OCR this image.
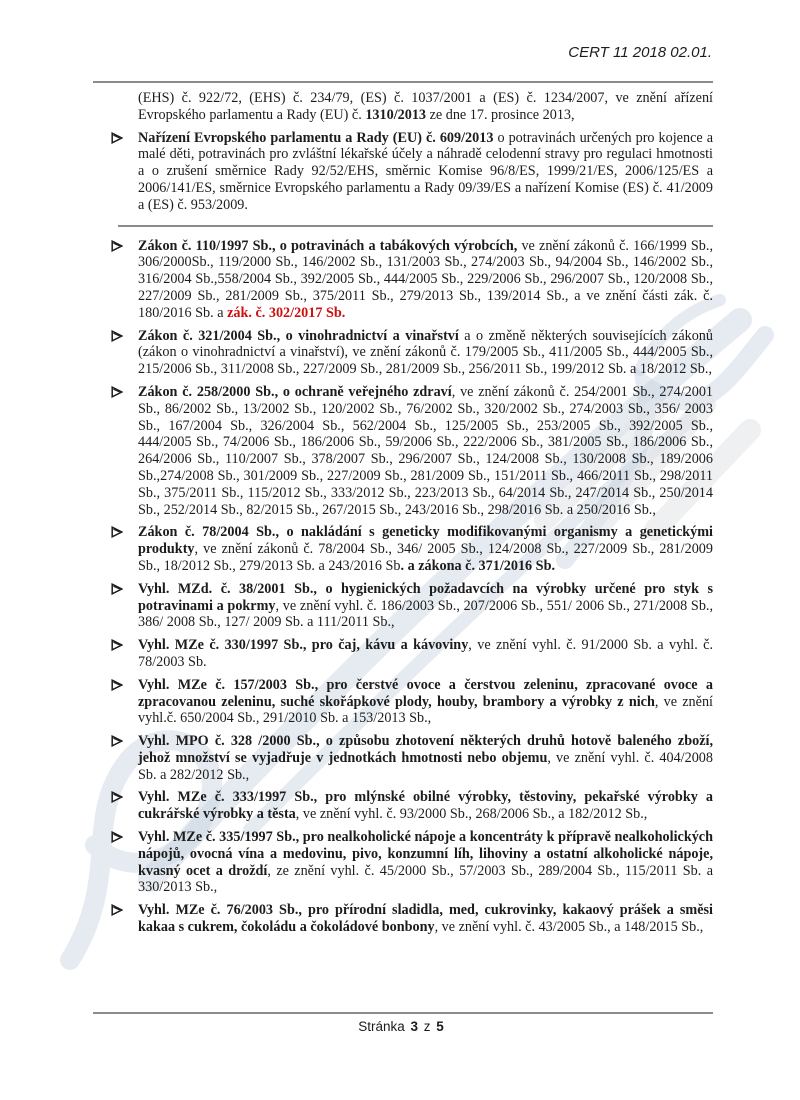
CERT 11 2018 02.01.
(EHS) č. 922/72, (EHS) č. 234/79, (ES) č. 1037/2001 a (ES) č. 1234/2007, ve znění ařízení Evropského parlamentu a Rady (EU) č. 1310/2013 ze dne 17. prosince 2013,
Nařízení Evropského parlamentu a Rady (EU) č. 609/2013 o potravinách určených pro kojence a malé děti, potravinách pro zvláštní lékařské účely a náhradě celodenní stravy pro regulaci hmotnosti a o zrušení směrnice Rady 92/52/EHS, směrnic Komise 96/8/ES, 1999/21/ES, 2006/125/ES a 2006/141/ES, směrnice Evropského parlamentu a Rady 09/39/ES a nařízení Komise (ES) č. 41/2009 a (ES) č. 953/2009.
Zákon č. 110/1997 Sb., o potravinách a tabákových výrobcích, ve znění zákonů č. 166/1999 Sb., 306/2000Sb., 119/2000 Sb., 146/2002 Sb., 131/2003 Sb., 274/2003 Sb., 94/2004 Sb., 146/2002 Sb., 316/2004 Sb.,558/2004 Sb., 392/2005 Sb., 444/2005 Sb., 229/2006 Sb., 296/2007 Sb., 120/2008 Sb., 227/2009 Sb., 281/2009 Sb., 375/2011 Sb., 279/2013 Sb., 139/2014 Sb., a ve znění části zák. č. 180/2016 Sb. a zák. č. 302/2017 Sb.
Zákon č. 321/2004 Sb., o vinohradnictví a vinařství a o změně některých souvisejících zákonů (zákon o vinohradnictví a vinařství), ve znění zákonů č. 179/2005 Sb., 411/2005 Sb., 444/2005 Sb., 215/2006 Sb., 311/2008 Sb., 227/2009 Sb., 281/2009 Sb., 256/2011 Sb., 199/2012 Sb. a 18/2012 Sb.,
Zákon č. 258/2000 Sb., o ochraně veřejného zdraví, ve znění zákonů č. 254/2001 Sb., 274/2001 Sb., 86/2002 Sb., 13/2002 Sb., 120/2002 Sb., 76/2002 Sb., 320/2002 Sb., 274/2003 Sb., 356/ 2003 Sb., 167/2004 Sb., 326/2004 Sb., 562/2004 Sb., 125/2005 Sb., 253/2005 Sb., 392/2005 Sb., 444/2005 Sb., 74/2006 Sb., 186/2006 Sb., 59/2006 Sb., 222/2006 Sb., 381/2005 Sb., 186/2006 Sb., 264/2006 Sb., 110/2007 Sb., 378/2007 Sb., 296/2007 Sb., 124/2008 Sb., 130/2008 Sb., 189/2006 Sb.,274/2008 Sb., 301/2009 Sb., 227/2009 Sb., 281/2009 Sb., 151/2011 Sb., 466/2011 Sb., 298/2011 Sb., 375/2011 Sb., 115/2012 Sb., 333/2012 Sb., 223/2013 Sb., 64/2014 Sb., 247/2014 Sb., 250/2014 Sb., 252/2014 Sb., 82/2015 Sb., 267/2015 Sb., 243/2016 Sb., 298/2016 Sb. a 250/2016 Sb.,
Zákon č. 78/2004 Sb., o nakládání s geneticky modifikovanými organismy a genetickými produkty, ve znění zákonů č. 78/2004 Sb., 346/ 2005 Sb., 124/2008 Sb., 227/2009 Sb., 281/2009 Sb., 18/2012 Sb., 279/2013 Sb. a 243/2016 Sb. a zákona č. 371/2016 Sb.
Vyhl. MZd. č. 38/2001 Sb., o hygienických požadavcích na výrobky určené pro styk s potravinami a pokrmy, ve znění vyhl. č. 186/2003 Sb., 207/2006 Sb., 551/ 2006 Sb., 271/2008 Sb., 386/ 2008 Sb., 127/ 2009 Sb. a 111/2011 Sb.,
Vyhl. MZe č. 330/1997 Sb., pro čaj, kávu a kávoviny, ve znění vyhl. č. 91/2000 Sb. a vyhl. č. 78/2003 Sb.
Vyhl. MZe č. 157/2003 Sb., pro čerstvé ovoce a čerstvou zeleninu, zpracované ovoce a zpracovanou zeleninu, suché skořápkové plody, houby, brambory a výrobky z nich, ve znění vyhl.č. 650/2004 Sb., 291/2010 Sb. a 153/2013 Sb.,
Vyhl. MPO č. 328 /2000 Sb., o způsobu zhotovení některých druhů hotově baleného zboží, jehož množství se vyjadřuje v jednotkách hmotnosti nebo objemu, ve znění vyhl. č. 404/2008 Sb. a 282/2012 Sb.,
Vyhl. MZe č. 333/1997 Sb., pro mlýnské obilné výrobky, těstoviny, pekařské výrobky a cukrářské výrobky a těsta, ve znění vyhl. č. 93/2000 Sb., 268/2006 Sb., a 182/2012 Sb.,
Vyhl. MZe č. 335/1997 Sb., pro nealkoholické nápoje a koncentráty k přípravě nealkoholických nápojů, ovocná vína a medovinu, pivo, konzumní líh, lihoviny a ostatní alkoholické nápoje, kvasný ocet a droždí, ze znění vyhl. č. 45/2000 Sb., 57/2003 Sb., 289/2004 Sb., 115/2011 Sb. a 330/2013 Sb.,
Vyhl. MZe č. 76/2003 Sb., pro přírodní sladidla, med, cukrovinky, kakaový prášek a směsi kakaa s cukrem, čokoládu a čokoládové bonbony, ve znění vyhl. č. 43/2005 Sb., a 148/2015 Sb.,
Stránka 3 z 5
